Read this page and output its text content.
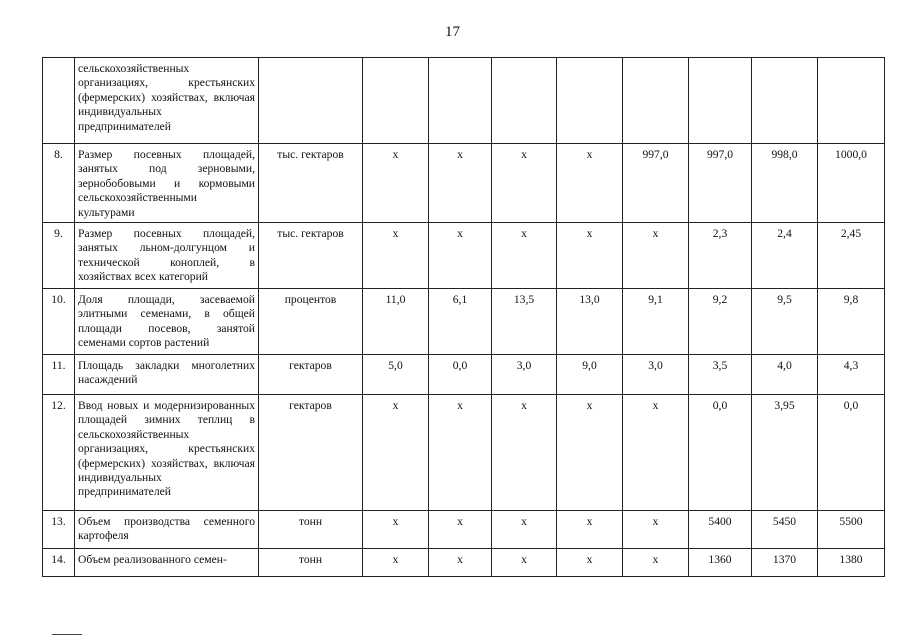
17
	сельскохозяйственных организациях, крестьянских (фермерских) хозяйствах, включая индивидуальных предпринимателей									
8.	Размер посевных площадей, занятых под зерновыми, зернобобовыми и кормовыми сельскохозяйственными культурами	тыс. гектаров	х	х	х	х	997,0	997,0	998,0	1000,0
9.	Размер посевных площадей, занятых льном-долгунцом и технической коноплей, в хозяйствах всех категорий	тыс. гектаров	х	х	х	х	х	2,3	2,4	2,45
10.	Доля площади, засеваемой элитными семенами, в общей площади посевов, занятой семенами сортов растений	процентов	11,0	6,1	13,5	13,0	9,1	9,2	9,5	9,8
11.	Площадь закладки многолетних насаждений	гектаров	5,0	0,0	3,0	9,0	3,0	3,5	4,0	4,3
12.	Ввод новых и модернизированных площадей зимних теплиц в сельскохозяйственных организациях, крестьянских (фермерских) хозяйствах, включая индивидуальных предпринимателей	гектаров	х	х	х	х	х	0,0	3,95	0,0
13.	Объем производства семенного картофеля	тонн	х	х	х	х	х	5400	5450	5500
14.	Объем реализованного семен-	тонн	х	х	х	х	х	1360	1370	1380
